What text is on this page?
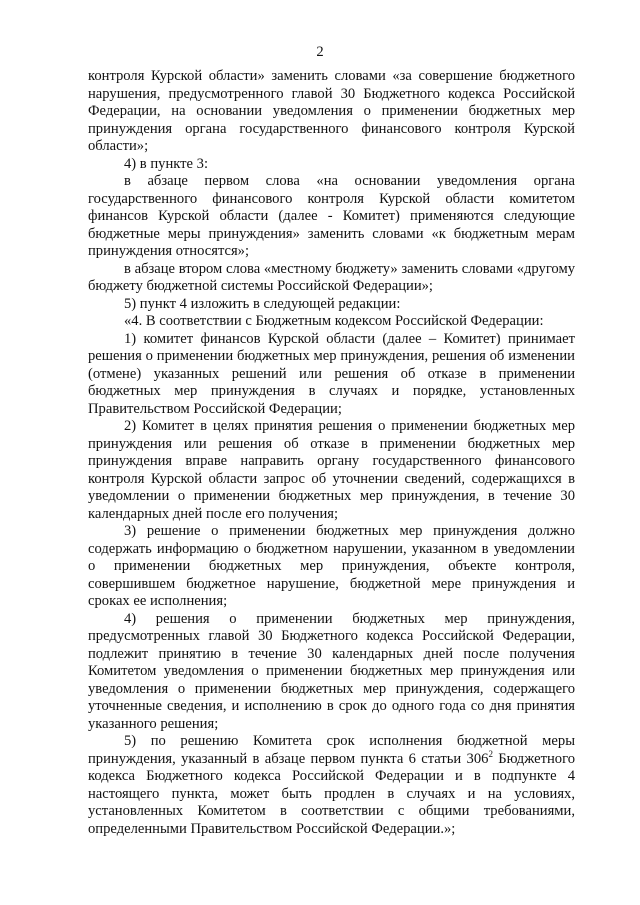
2

контроля Курской области» заменить словами «за совершение бюджетного нарушения, предусмотренного главой 30 Бюджетного кодекса Российской Федерации, на основании уведомления о применении бюджетных мер принуждения органа государственного финансового контроля Курской области»;

4) в пункте 3:

в абзаце первом слова «на основании уведомления органа государственного финансового контроля Курской области комитетом финансов Курской области (далее - Комитет) применяются следующие бюджетные меры принуждения» заменить словами «к бюджетным мерам принуждения относятся»;

в абзаце втором слова «местному бюджету» заменить словами «другому бюджету бюджетной системы Российской Федерации»;

5) пункт 4 изложить в следующей редакции:

«4. В соответствии с Бюджетным кодексом Российской Федерации:

1) комитет финансов Курской области (далее – Комитет) принимает решения о применении бюджетных мер принуждения, решения об изменении (отмене) указанных решений или решения об отказе в применении бюджетных мер принуждения в случаях и порядке, установленных Правительством Российской Федерации;

2) Комитет в целях принятия решения о применении бюджетных мер принуждения или решения об отказе в применении бюджетных мер принуждения вправе направить органу государственного финансового контроля Курской области запрос об уточнении сведений, содержащихся в уведомлении о применении бюджетных мер принуждения, в течение 30 календарных дней после его получения;

3) решение о применении бюджетных мер принуждения должно содержать информацию о бюджетном нарушении, указанном в уведомлении о применении бюджетных мер принуждения, объекте контроля, совершившем бюджетное нарушение, бюджетной мере принуждения и сроках ее исполнения;

4) решения о применении бюджетных мер принуждения, предусмотренных главой 30 Бюджетного кодекса Российской Федерации, подлежит принятию в течение 30 календарных дней после получения Комитетом уведомления о применении бюджетных мер принуждения или уведомления о применении бюджетных мер принуждения, содержащего уточненные сведения, и исполнению в срок до одного года со дня принятия указанного решения;

5) по решению Комитета срок исполнения бюджетной меры принуждения, указанный в абзаце первом пункта 6 статьи $306^2$ Бюджетного кодекса Бюджетного кодекса Российской Федерации и в подпункте 4 настоящего пункта, может быть продлен в случаях и на условиях, установленных Комитетом в соответствии с общими требованиями, определенными Правительством Российской Федерации.»;
